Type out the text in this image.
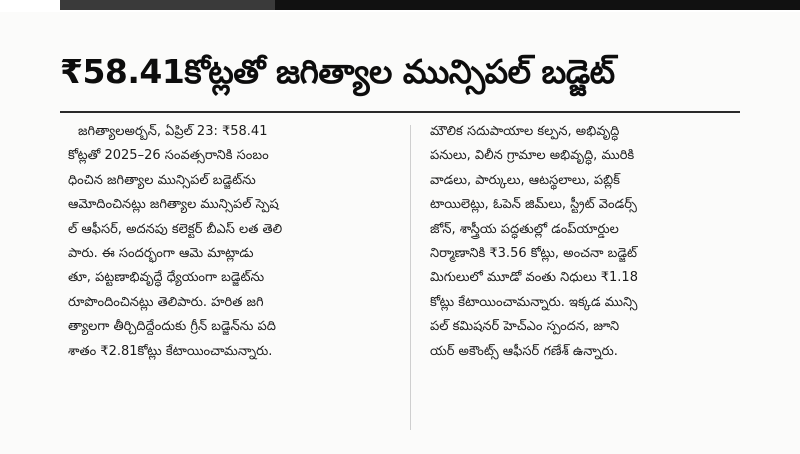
₹58.41కోట్లతో జగిత్యాల మున్సిపల్ బడ్జెట్
జగిత్యాలఅర్బన్, ఏప్రిల్ 23: ₹58.41
కోట్లతో 2025–26 సంవత్సరానికి సంబం
ధించిన జగిత్యాల మున్సిపల్ బడ్జెట్‌ను
ఆమోదించినట్లు జగిత్యాల మున్సిపల్ స్పెష
ల్ ఆఫీసర్, అదనపు కలెక్టర్ బీఎస్ లత తెలి
పారు. ఈ సందర్భంగా ఆమె మాట్లాడు
తూ, పట్టణాభివృద్ధే ధ్యేయంగా బడ్జెట్‌ను
రూపొందించినట్లు తెలిపారు. హరిత జగి
త్యాలగా తీర్చిదిద్దేందుకు గ్రీన్ బడ్జెన్‌ను పది
శాతం ₹2.81కోట్లు కేటాయించామన్నారు.
మౌలిక సదుపాయాల కల్పన, అభివృద్ధి
పనులు, విలీన గ్రామాల అభివృద్ధి, మురికి
వాడలు, పార్కులు, ఆటస్థలాలు, పబ్లిక్
టాయిలెట్లు, ఓపెన్ జిమ్‌లు, స్ట్రీట్ వెండర్స్
జోన్, శాస్త్రీయ పద్ధతుల్లో డంప్‌యార్డుల
నిర్మాణానికి ₹3.56 కోట్లు, అంచనా బడ్జెట్
మిగులులో మూడో వంతు నిధులు ₹1.18
కోట్లు కేటాయించామన్నారు. ఇక్కడ మున్సి
పల్ కమిషనర్ హెచ్ఎం స్పందన, జూని
యర్ అకౌంట్స్ ఆఫీసర్ గణేశ్ ఉన్నారు.
